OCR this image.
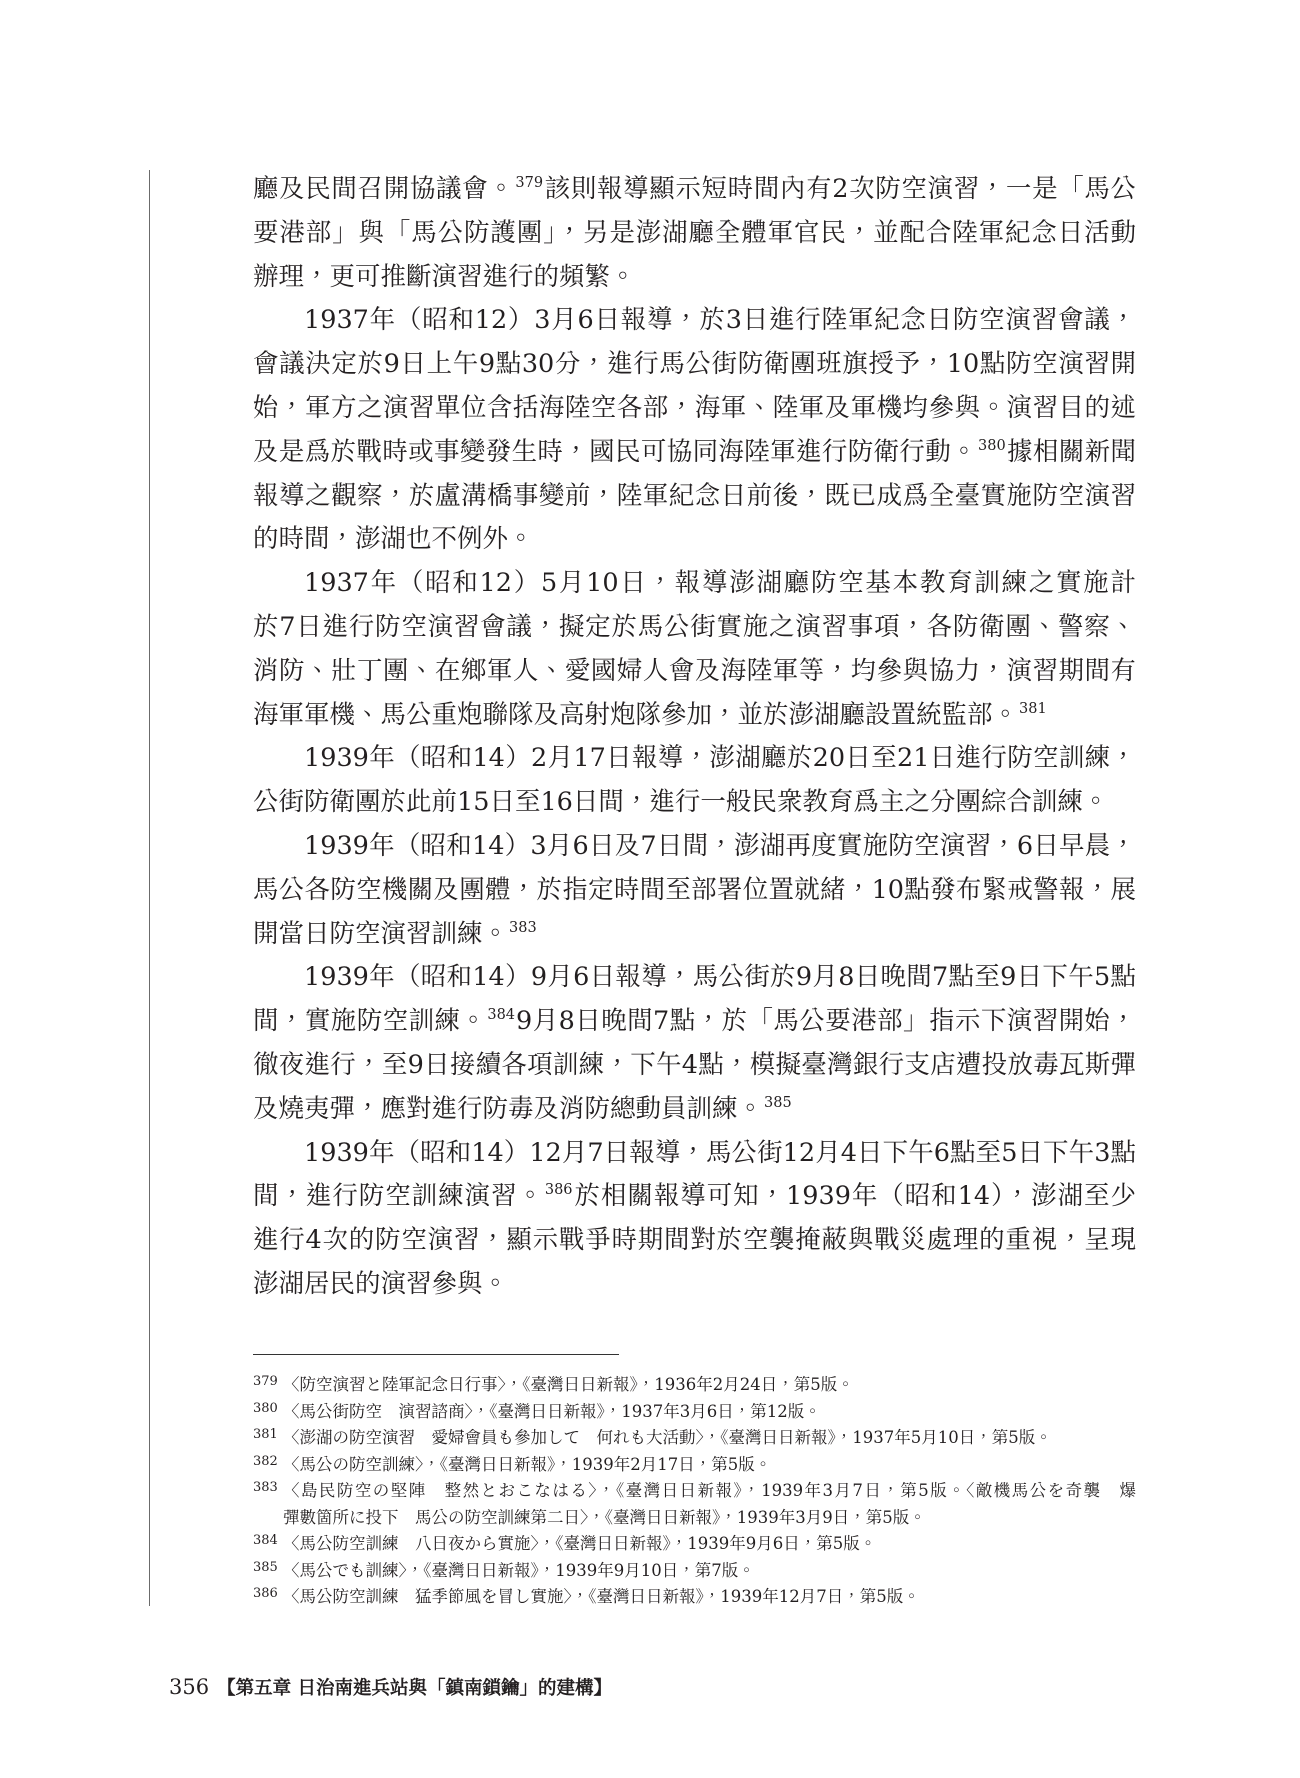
廳及民間召開協議會。$^{379}$該則報導顯示短時間內有2次防空演習，一是「馬公
要港部」與「馬公防護團」，另是澎湖廳全體軍官民，並配合陸軍紀念日活動
辦理，更可推斷演習進行的頻繁。
1937年（昭和12）3月6日報導，於3日進行陸軍紀念日防空演習會議，
會議決定於9日上午9點30分，進行馬公街防衛團班旗授予，10點防空演習開
始，軍方之演習單位含括海陸空各部，海軍、陸軍及軍機均參與。演習目的述
及是爲於戰時或事變發生時，國民可協同海陸軍進行防衛行動。$^{380}$據相關新聞
報導之觀察，於盧溝橋事變前，陸軍紀念日前後，既已成爲全臺實施防空演習
的時間，澎湖也不例外。
1937年（昭和12）5月10日，報導澎湖廳防空基本教育訓練之實施計
於7日進行防空演習會議，擬定於馬公街實施之演習事項，各防衛團、警察、
消防、壯丁團、在鄉軍人、愛國婦人會及海陸軍等，均參與協力，演習期間有
海軍軍機、馬公重炮聯隊及高射炮隊參加，並於澎湖廳設置統監部。$^{381}$
1939年（昭和14）2月17日報導，澎湖廳於20日至21日進行防空訓練，
公街防衛團於此前15日至16日間，進行一般民衆教育爲主之分團綜合訓練。
1939年（昭和14）3月6日及7日間，澎湖再度實施防空演習，6日早晨，
馬公各防空機關及團體，於指定時間至部署位置就緒，10點發布緊戒警報，展
開當日防空演習訓練。$^{383}$
1939年（昭和14）9月6日報導，馬公街於9月8日晚間7點至9日下午5點
間，實施防空訓練。$^{384}$9月8日晚間7點，於「馬公要港部」指示下演習開始，
徹夜進行，至9日接續各項訓練，下午4點，模擬臺灣銀行支店遭投放毒瓦斯彈
及燒夷彈，應對進行防毒及消防總動員訓練。$^{385}$
1939年（昭和14）12月7日報導，馬公街12月4日下午6點至5日下午3點
間，進行防空訓練演習。$^{386}$於相關報導可知，1939年（昭和14），澎湖至少
進行4次的防空演習，顯示戰爭時期間對於空襲掩蔽與戰災處理的重視，呈現
澎湖居民的演習參與。
379 〈防空演習と陸軍記念日行事〉，《臺灣日日新報》，1936年2月24日，第5版。
380 〈馬公街防空　演習諮商〉，《臺灣日日新報》，1937年3月6日，第12版。
381 〈澎湖の防空演習　愛婦會員も參加して　何れも大活動〉，《臺灣日日新報》，1937年5月10日，第5版。
382 〈馬公の防空訓練〉，《臺灣日日新報》，1939年2月17日，第5版。
383 〈島民防空の堅陣　整然とおこなはる〉，《臺灣日日新報》，1939年3月7日，第5版。〈敵機馬公を奇襲　爆
彈數箇所に投下　馬公の防空訓練第二日〉，《臺灣日日新報》，1939年3月9日，第5版。
384 〈馬公防空訓練　八日夜から實施〉，《臺灣日日新報》，1939年9月6日，第5版。
385 〈馬公でも訓練〉，《臺灣日日新報》，1939年9月10日，第7版。
386 〈馬公防空訓練　猛季節風を冒し實施〉，《臺灣日日新報》，1939年12月7日，第5版。
356 【第五章 日治南進兵站與「鎮南鎖鑰」的建構】
